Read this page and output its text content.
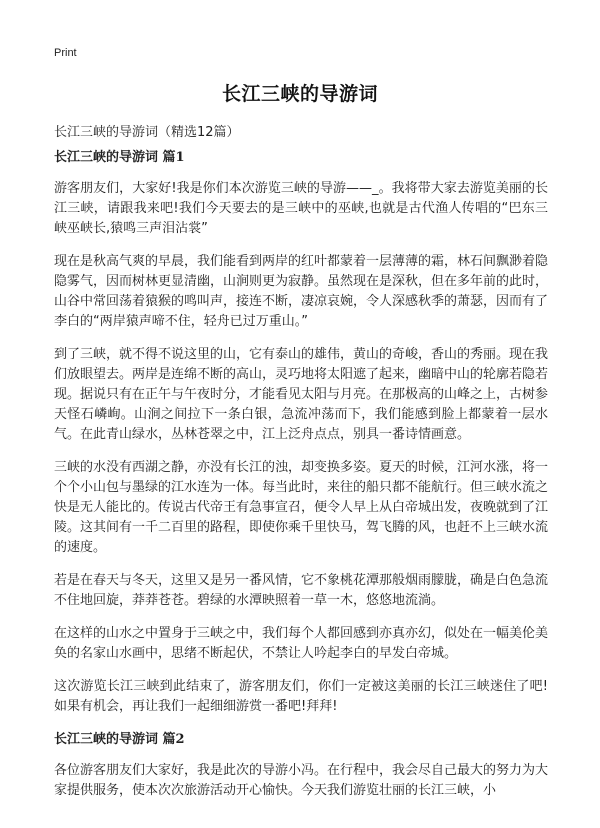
Print
长江三峡的导游词
长江三峡的导游词（精选12篇）
长江三峡的导游词 篇1

游客朋友们，大家好!我是你们本次游览三峡的导游——_。我将带大家去游览美丽的长江三峡，请跟我来吧!我们今天要去的是三峡中的巫峡,也就是古代渔人传唱的“巴东三峡巫峡长,猿鸣三声泪沾裳”

现在是秋高气爽的早晨，我们能看到两岸的红叶都蒙着一层薄薄的霜，林石间飘渺着隐隐雾气，因而树林更显清幽，山涧则更为寂静。虽然现在是深秋，但在多年前的此时，山谷中常回荡着猿猴的鸣叫声，接连不断，凄凉哀婉，令人深感秋季的萧瑟，因而有了李白的“两岸猿声啼不住，轻舟已过万重山。”

到了三峡，就不得不说这里的山，它有泰山的雄伟，黄山的奇峻，香山的秀丽。现在我们放眼望去。两岸是连绵不断的高山，灵巧地将太阳遮了起来，幽暗中山的轮廓若隐若现。据说只有在正午与午夜时分，才能看见太阳与月亮。在那极高的山峰之上，古树参天怪石嶙峋。山涧之间拉下一条白银，急流冲荡而下，我们能感到脸上都蒙着一层水气。在此青山绿水，丛林苍翠之中，江上泛舟点点，别具一番诗情画意。

三峡的水没有西湖之静，亦没有长江的浊，却变换多姿。夏天的时候，江河水涨，将一个个小山包与墨绿的江水连为一体。每当此时，来往的船只都不能航行。但三峡水流之快是无人能比的。传说古代帝王有急事宣召，便令人早上从白帝城出发，夜晚就到了江陵。这其间有一千二百里的路程，即使你乘千里快马，驾飞腾的风，也赶不上三峡水流的速度。

若是在春天与冬天，这里又是另一番风情，它不象桃花潭那般烟雨朦胧，确是白色急流不住地回旋，莽莽苍苍。碧绿的水潭映照着一草一木，悠悠地流淌。

在这样的山水之中置身于三峡之中，我们每个人都回感到亦真亦幻，似处在一幅美伦美奂的名家山水画中，思绪不断起伏，不禁让人吟起李白的早发白帝城。

这次游览长江三峡到此结束了，游客朋友们，你们一定被这美丽的长江三峡迷住了吧!如果有机会，再让我们一起细细游赏一番吧!拜拜!

长江三峡的导游词 篇2

各位游客朋友们大家好，我是此次的导游小冯。在行程中，我会尽自己最大的努力为大家提供服务，使本次次旅游活动开心愉快。今天我们游览壮丽的长江三峡，小
